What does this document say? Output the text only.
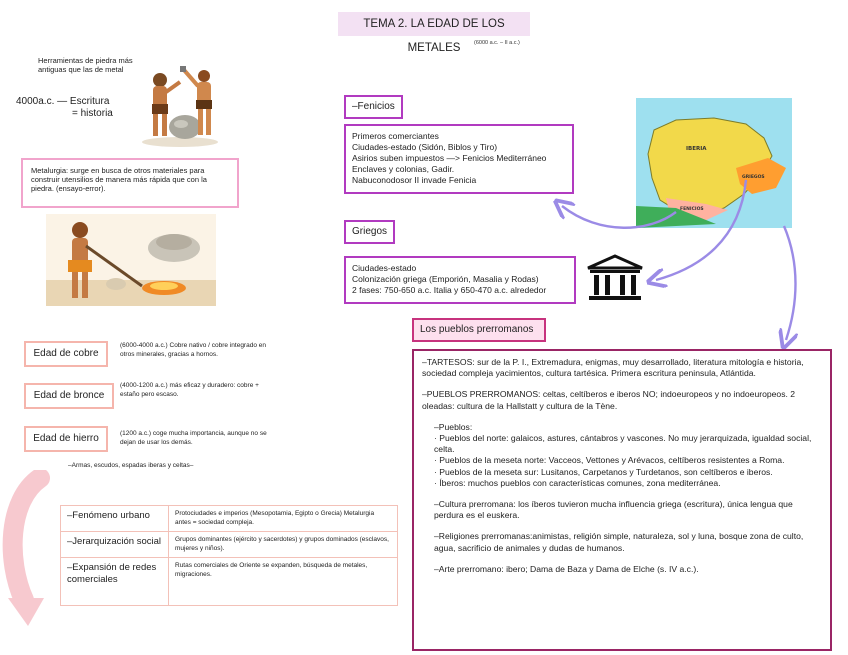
TEMA 2. LA EDAD DE LOS METALES	(6000 a.c. – II a.c.)
Herramientas de piedra más antiguas que las de metal
4000a.c. — Escritura
= historia
Metalurgia: surge en busca de otros materiales para construir utensilios de manera más rápida que con la piedra. (ensayo-error).
Edad de cobre
(6000-4000 a.c.) Cobre nativo / cobre integrado en otros minerales, gracias a hornos.
Edad de bronce
(4000-1200 a.c.) más eficaz y duradero: cobre + estaño pero escaso.
Edad de hierro	(1200 a.c.) coge mucha importancia, aunque no se dejan de usar los demás.
–Armas, escudos, espadas iberas y celtas–
CONSEC. –Fenómeno urbano	Protociudades e imperios (Mesopotamia, Egipto o Grecia) Metalurgia antes = sociedad compleja.
–Jerarquización social	Grupos dominantes (ejército y sacerdotes) y grupos dominados (esclavos, mujeres y niños).
–Expansión de redes comerciales	Rutas comerciales de Oriente se expanden, búsqueda de metales, migraciones.
–Fenicios
Primeros comerciantes
Ciudades-estado (Sidón, Biblos y Tiro)
Asirios suben impuestos —> Fenicios Mediterráneo
Enclaves y colonias, Gadir.
Nabuconodosor II invade Fenicia
Griegos
Ciudades-estado
Colonización griega (Emporión, Masalia y Rodas)
2 fases: 750-650 a.c. Italia y 650-470 a.c. alrededor
IBERIA
GRIEGOS
FENICIOS
Los pueblos prerromanos

–TARTESOS: sur de la P. I., Extremadura, enigmas, muy desarrollado, literatura mitología e historia, sociedad compleja yacimientos, cultura tartésica. Primera escritura peninsula, Atlántida.

–PUEBLOS PRERROMANOS: celtas, celtíberos e iberos NO; indoeuropeos y no indoeuropeos. 2 oleadas: cultura de la Hallstatt y cultura de la Tène.

–Pueblos:
· Pueblos del norte: galaicos, astures, cántabros y vascones. No muy jerarquizada, igualdad social, celta.
· Pueblos de la meseta norte: Vacceos, Vettones y Arévacos, celtíberos resistentes a Roma.
· Pueblos de la meseta sur: Lusitanos, Carpetanos y Turdetanos, son celtíberos e iberos.

· Íberos: muchos pueblos con características comunes, zona mediterránea.

–Cultura prerromana: los íberos tuvieron mucha influencia griega (escritura), única lengua que perdura es el euskera.

–Religiones prerromanas:animistas, religión simple, naturaleza, sol y luna, bosque zona de culto, agua, sacrificio de animales y dudas de humanos.

–Arte prerromano: ibero; Dama de Baza y Dama de Elche (s. IV a.c.).
